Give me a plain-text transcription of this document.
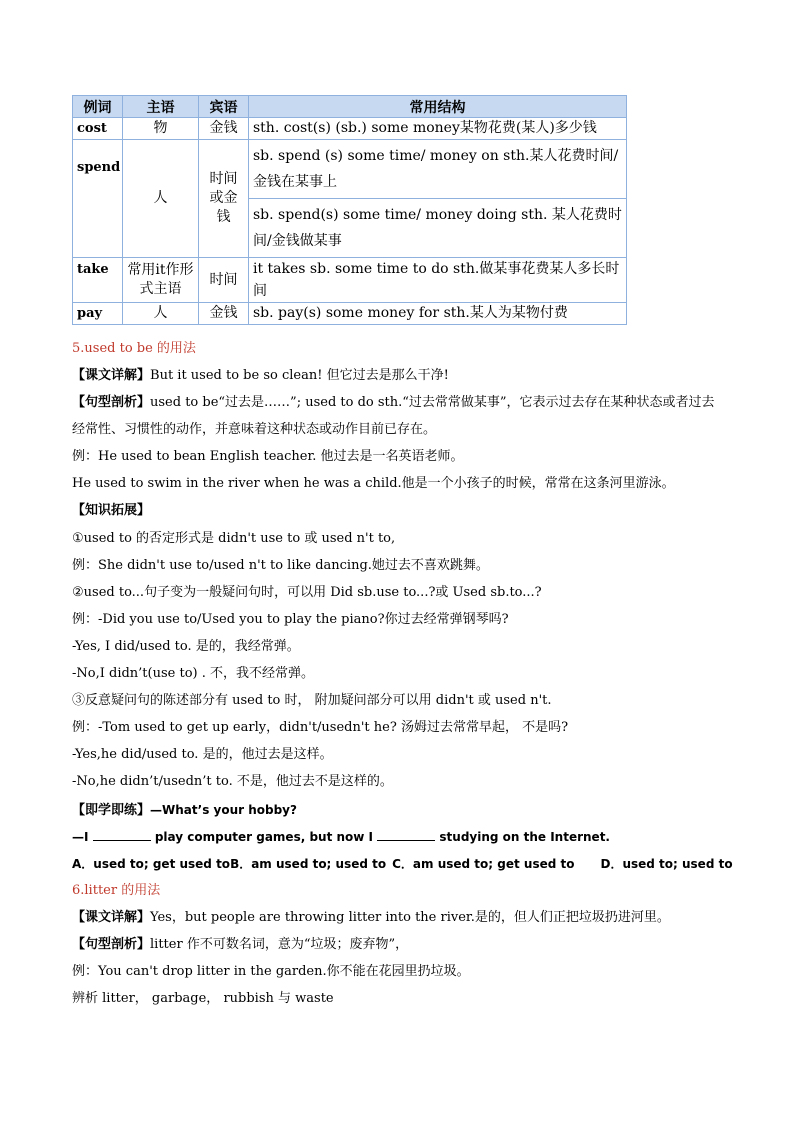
例词	主语	宾语	常用结构
cost	物	金钱	sth. cost(s) (sb.) some money某物花费(某人)多少钱
spend	人	时间或金钱	sb. spend (s) some time/ money on sth.某人花费时间/金钱在某事上
			sb. spend(s) some time/ money doing sth. 某人花费时间/金钱做某事
take	常用it作形式主语	时间	it takes sb. some time to do sth.做某事花费某人多长时间
pay	人	金钱	sb. pay(s) some money for sth.某人为某物付费
5.used to be 的用法
【课文详解】But it used to be so clean! 但它过去是那么干净!
【句型剖析】used to be“过去是……”; used to do sth.“过去常常做某事”，它表示过去存在某种状态或者过去
经常性、习惯性的动作，并意味着这种状态或动作目前已存在。
例：He used to bean English teacher. 他过去是一名英语老师。
He used to swim in the river when he was a child.他是一个小孩子的时候，常常在这条河里游泳。
【知识拓展】
①used to 的否定形式是 didn't use to 或 used n't to,
例：She didn't use to/used n't to like dancing.她过去不喜欢跳舞。
②used to...句子变为一般疑问句时，可以用 Did sb.use to...?或 Used sb.to...?
例：-Did you use to/Used you to play the piano?你过去经常弹钢琴吗?
-Yes, I did/used to. 是的，我经常弹。
-No,I didn’t(use to) . 不，我不经常弹。
③反意疑问句的陈述部分有 used to 时， 附加疑问部分可以用 didn't 或 used n't.
例：-Tom used to get up early，didn't/usedn't he? 汤姆过去常常早起， 不是吗?
-Yes,he did/used to. 是的，他过去是这样。
-No,he didn’t/usedn’t to. 不是，他过去不是这样的。
【即学即练】—What’s your hobby?
—I	play computer games, but now I	studying on the Internet.
A．used to; get used toB．am used to; used to C．am used to; get used to D．used to; used to
6.litter 的用法
【课文详解】Yes，but people are throwing litter into the river.是的，但人们正把垃圾扔进河里。
【句型剖析】litter 作不可数名词，意为“垃圾；废弃物”，
例：You can't drop litter in the garden.你不能在花园里扔垃圾。
辨析 litter， garbage， rubbish 与 waste
